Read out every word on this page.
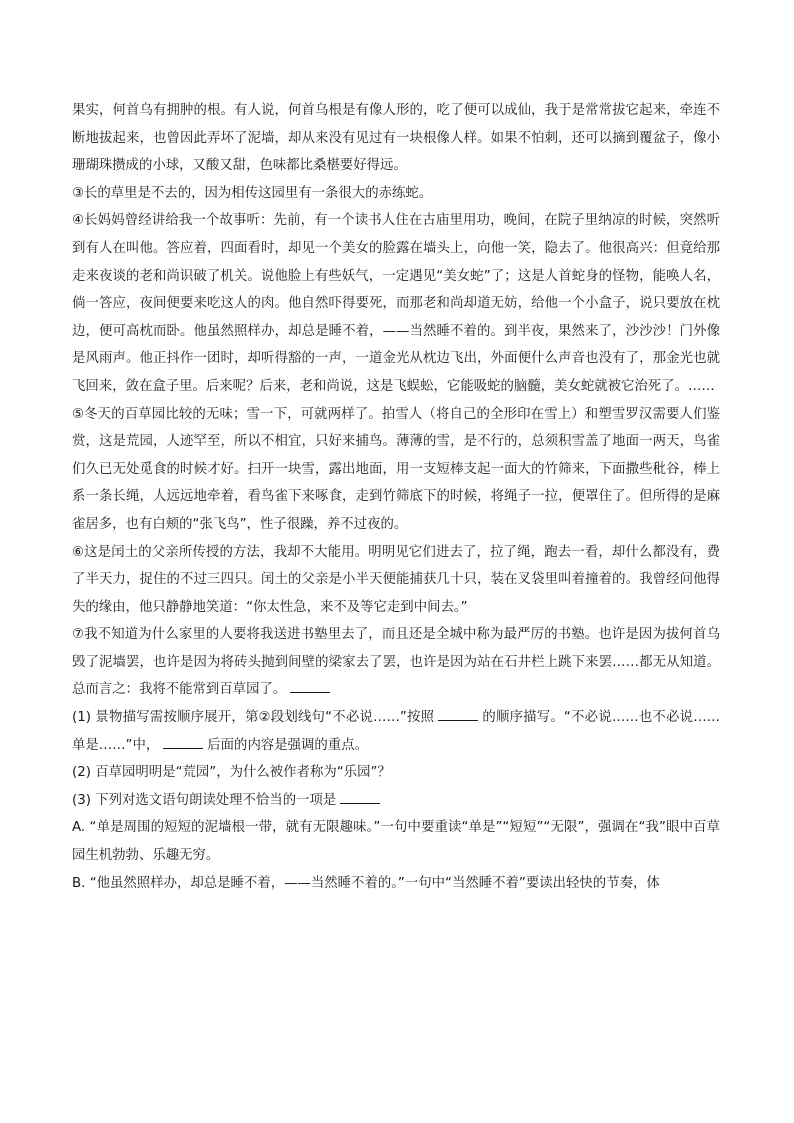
果实，何首乌有拥肿的根。有人说，何首乌根是有像人形的，吃了便可以成仙，我于是常常拔它起来，牵连不断地拔起来，也曾因此弄坏了泥墙，却从来没有见过有一块根像人样。如果不怕刺，还可以摘到覆盆子，像小珊瑚珠攒成的小球，又酸又甜，色味都比桑椹要好得远。

③长的草里是不去的，因为相传这园里有一条很大的赤练蛇。

④长妈妈曾经讲给我一个故事听：先前，有一个读书人住在古庙里用功，晚间，在院子里纳凉的时候，突然听到有人在叫他。答应着，四面看时，却见一个美女的脸露在墙头上，向他一笑，隐去了。他很高兴：但竟给那走来夜谈的老和尚识破了机关。说他脸上有些妖气，一定遇见“美女蛇”了；这是人首蛇身的怪物，能唤人名，倘一答应，夜间便要来吃这人的肉。他自然吓得要死，而那老和尚却道无妨，给他一个小盒子，说只要放在枕边，便可高枕而卧。他虽然照样办，却总是睡不着，——当然睡不着的。到半夜，果然来了，沙沙沙！门外像是风雨声。他正抖作一团时，却听得豁的一声，一道金光从枕边飞出，外面便什么声音也没有了，那金光也就飞回来，敛在盒子里。后来呢？后来，老和尚说，这是飞蜈蚣，它能吸蛇的脑髓，美女蛇就被它治死了。……

⑤冬天的百草园比较的无味；雪一下，可就两样了。拍雪人（将自己的全形印在雪上）和塑雪罗汉需要人们鉴赏，这是荒园，人迹罕至，所以不相宜，只好来捕鸟。薄薄的雪，是不行的，总须积雪盖了地面一两天，鸟雀们久已无处觅食的时候才好。扫开一块雪，露出地面，用一支短棒支起一面大的竹筛来，下面撒些秕谷，棒上系一条长绳，人远远地牵着，看鸟雀下来啄食，走到竹筛底下的时候，将绳子一拉，便罩住了。但所得的是麻雀居多，也有白颊的“张飞鸟”，性子很躁，养不过夜的。

⑥这是闰土的父亲所传授的方法，我却不大能用。明明见它们进去了，拉了绳，跑去一看，却什么都没有，费了半天力，捉住的不过三四只。闰土的父亲是小半天便能捕获几十只，装在叉袋里叫着撞着的。我曾经问他得失的缘由，他只静静地笑道：“你太性急，来不及等它走到中间去。”

⑦我不知道为什么家里的人要将我送进书塾里去了，而且还是全城中称为最严厉的书塾。也许是因为拔何首乌毁了泥墙罢，也许是因为将砖头抛到间壁的梁家去了罢，也许是因为站在石井栏上跳下来罢……都无从知道。总而言之：我将不能常到百草园了。

(1) 景物描写需按顺序展开，第②段划线句“不必说……”按照	的顺序描写。“不必说……也不必说……单是……”中，	后面的内容是强调的重点。

(2) 百草园明明是“荒园”，为什么被作者称为“乐园”？

(3) 下列对选文语句朗读处理不恰当的一项是

A. “单是周围的短短的泥墙根一带，就有无限趣味。”一句中要重读“单是”“短短”“无限”，强调在“我”眼中百草园生机勃勃、乐趣无穷。

B. “他虽然照样办，却总是睡不着，——当然睡不着的。”一句中“当然睡不着”要读出轻快的节奏，体
